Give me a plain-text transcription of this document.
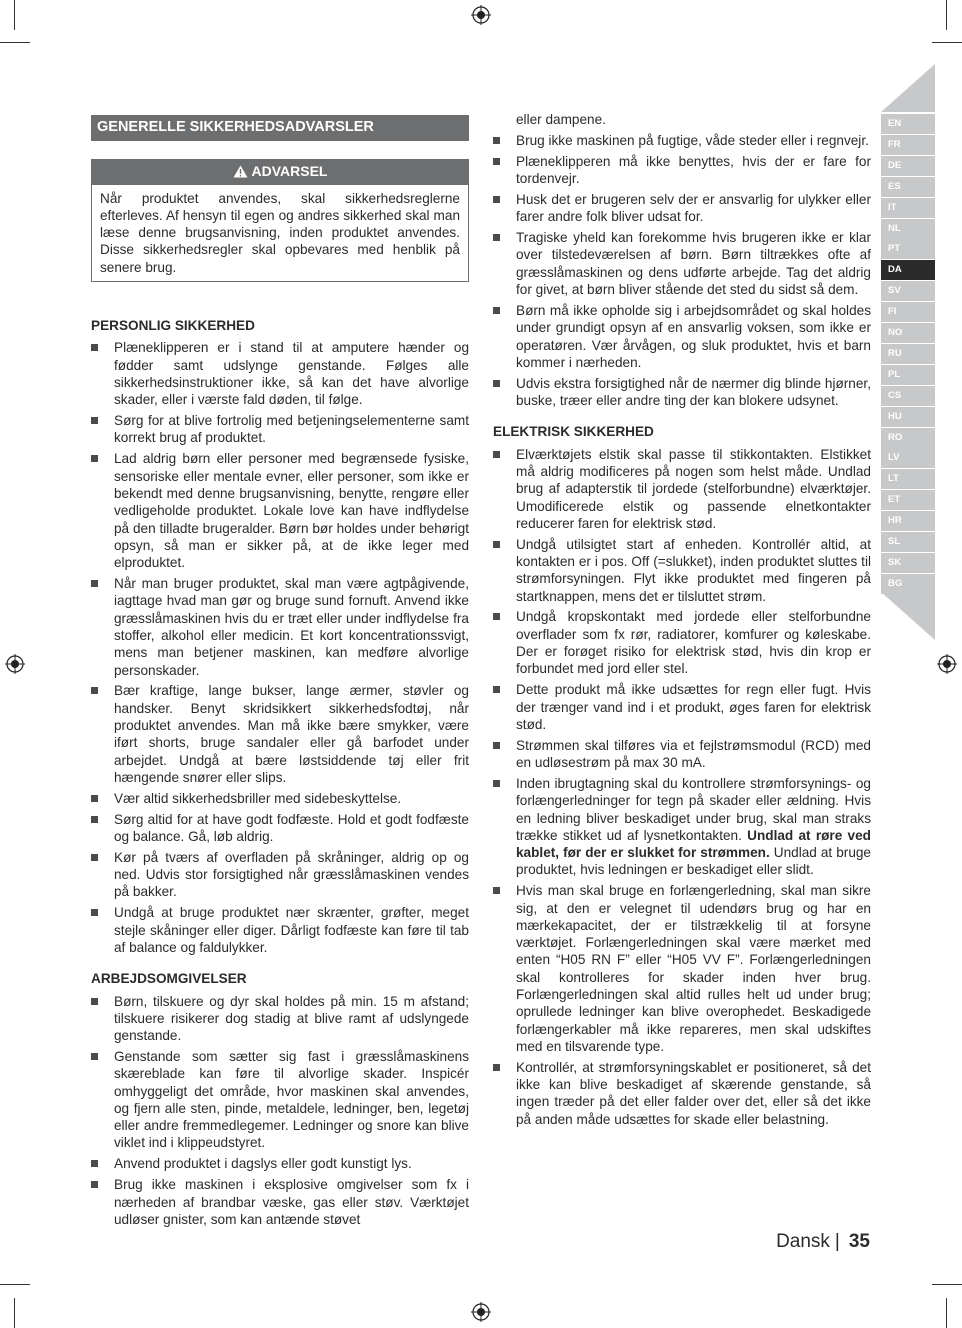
EN
FR
DE
ES
IT
NL
PT
DA
SV
FI
NO
RU
PL
CS
HU
RO
LV
LT
ET
HR
SL
SK
BG
GENERELLE SIKKERHEDSADVARSLER
ADVARSEL
Når produktet anvendes, skal sikkerhedsreglerne efterleves. Af hensyn til egen og andres sikkerhed skal man læse denne brugsanvisning, inden produktet anvendes. Disse sikkerhedsregler skal opbevares med henblik på senere brug.
PERSONLIG SIKKERHED
Plæneklipperen er i stand til at amputere hænder og fødder samt udslynge genstande. Følges alle sikkerhedsinstruktioner ikke, så kan det have alvorlige skader, eller i værste fald døden, til følge.
Sørg for at blive fortrolig med betjeningselementerne samt korrekt brug af produktet.
Lad aldrig børn eller personer med begrænsede fysiske, sensoriske eller mentale evner, eller personer, som ikke er bekendt med denne brugsanvisning, benytte, rengøre eller vedligeholde produktet. Lokale love kan have indflydelse på den tilladte brugeralder. Børn bør holdes under behørigt opsyn, så man er sikker på, at de ikke leger med elproduktet.
Når man bruger produktet, skal man være agtpågivende, iagttage hvad man gør og bruge sund fornuft. Anvend ikke græsslåmaskinen hvis du er træt eller under indflydelse fra stoffer, alkohol eller medicin. Et kort koncentrationssvigt, mens man betjener maskinen, kan medføre alvorlige personskader.
Bær kraftige, lange bukser, lange ærmer, støvler og handsker. Benyt skridsikkert sikkerhedsfodtøj, når produktet anvendes. Man må ikke bære smykker, være iført shorts, bruge sandaler eller gå barfodet under arbejdet. Undgå at bære løstsiddende tøj eller frit hængende snører eller slips.
Vær altid sikkerhedsbriller med sidebeskyttelse.
Sørg altid for at have godt fodfæste. Hold et godt fodfæste og balance. Gå, løb aldrig.
Kør på tværs af overfladen på skråninger, aldrig op og ned. Udvis stor forsigtighed når græsslåmaskinen vendes på bakker.
Undgå at bruge produktet nær skrænter, grøfter, meget stejle skåninger eller diger. Dårligt fodfæste kan føre til tab af balance og faldulykker.
ARBEJDSOMGIVELSER
Børn, tilskuere og dyr skal holdes på min. 15 m afstand; tilskuere risikerer dog stadig at blive ramt af udslyngede genstande.
Genstande som sætter sig fast i græsslåmaskinens skæreblade kan føre til alvorlige skader. Inspicér omhyggeligt det område, hvor maskinen skal anvendes, og fjern alle sten, pinde, metaldele, ledninger, ben, legetøj eller andre fremmedlegemer. Ledninger og snore kan blive viklet ind i klippeudstyret.
Anvend produktet i dagslys eller godt kunstigt lys.
Brug ikke maskinen i eksplosive omgivelser som fx i nærheden af brandbar væske, gas eller støv. Værktøjet udløser gnister, som kan antænde støvet
eller dampene.
Brug ikke maskinen på fugtige, våde steder eller i regnvejr.
Plæneklipperen må ikke benyttes, hvis der er fare for tordenvejr.
Husk det er brugeren selv der er ansvarlig for ulykker eller farer andre folk bliver udsat for.
Tragiske yheld kan forekomme hvis brugeren ikke er klar over tilstedeværelsen af børn. Børn tiltrækkes ofte af græsslåmaskinen og dens udførte arbejde. Tag det aldrig for givet, at børn bliver stående det sted du sidst så dem.
Børn må ikke opholde sig i arbejdsområdet og skal holdes under grundigt opsyn af en ansvarlig voksen, som ikke er operatøren. Vær årvågen, og sluk produktet, hvis et barn kommer i nærheden.
Udvis ekstra forsigtighed når de nærmer dig blinde hjørner, buske, træer eller andre ting der kan blokere udsynet.
ELEKTRISK SIKKERHED
Elværktøjets elstik skal passe til stikkontakten. Elstikket må aldrig modificeres på nogen som helst måde. Undlad brug af adapterstik til jordede (stelforbundne) elværktøjer. Umodificerede elstik og passende elnetkontakter reducerer faren for elektrisk stød.
Undgå utilsigtet start af enheden. Kontrollér altid, at kontakten er i pos. Off (=slukket), inden produktet sluttes til strømforsyningen. Flyt ikke produktet med fingeren på startknappen, mens det er tilsluttet strøm.
Undgå kropskontakt med jordede eller stelforbundne overflader som fx rør, radiatorer, komfurer og køleskabe. Der er forøget risiko for elektrisk stød, hvis din krop er forbundet med jord eller stel.
Dette produkt må ikke udsættes for regn eller fugt. Hvis der trænger vand ind i et produkt, øges faren for elektrisk stød.
Strømmen skal tilføres via et fejlstrømsmodul (RCD) med en udløsestrøm på max 30 mA.
Inden ibrugtagning skal du kontrollere strømforsynings- og forlængerledninger for tegn på skader eller ældning. Hvis en ledning bliver beskadiget under brug, skal man straks trække stikket ud af lysnetkontakten. Undlad at røre ved kablet, før der er slukket for strømmen. Undlad at bruge produktet, hvis ledningen er beskadiget eller slidt.
Hvis man skal bruge en forlængerledning, skal man sikre sig, at den er velegnet til udendørs brug og har en mærkekapacitet, der er tilstrækkelig til at forsyne værktøjet. Forlængerledningen skal være mærket med enten “H05 RN F” eller “H05 VV F”. Forlængerledningen skal kontrolleres for skader inden hver brug. Forlængerledningen skal altid rulles helt ud under brug; oprullede ledninger kan blive overophedet. Beskadigede forlængerkabler må ikke repareres, men skal udskiftes med en tilsvarende type.
Kontrollér, at strømforsyningskablet er positioneret, så det ikke kan blive beskadiget af skærende genstande, så ingen træder på det eller falder over det, eller så det ikke på anden måde udsættes for skade eller belastning.
Dansk | 35
